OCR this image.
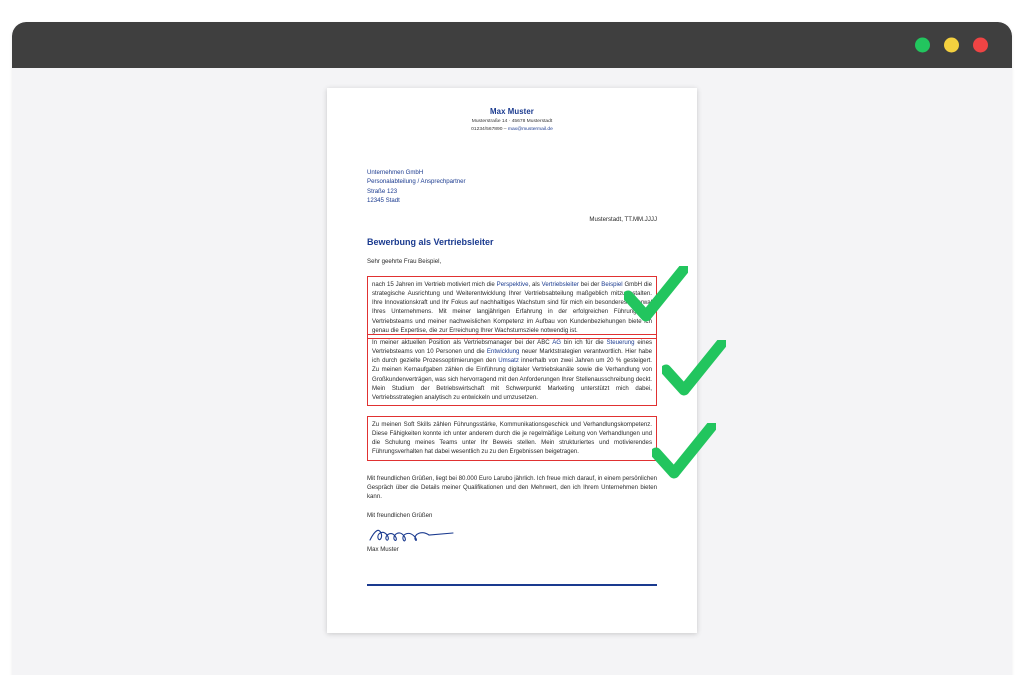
Max Muster
Musterstraße 14 · 45678 Musterstadt
01234/567890 – max@mustermail.de
Unternehmen GmbH
Personalabteilung / Ansprechpartner
Straße 123
12345 Stadt
Musterstadt, TT.MM.JJJJ
Bewerbung als Vertriebsleiter
Sehr geehrte Frau Beispiel,
nach 15 Jahren im Vertrieb motiviert mich die Perspektive, als Vertriebsleiter bei der Beispiel GmbH die strategische Ausrichtung und Weiterentwicklung Ihrer Vertriebsabteilung maßgeblich mitzugestalten. Ihre Innovationskraft und Ihr Fokus auf nachhaltiges Wachstum sind für mich ein besonderes Mehrwal Ihres Unternehmens. Mit meiner langjährigen Erfahrung in der erfolgreichen Führung von Vertriebsteams und meiner nachweislichen Kompetenz im Aufbau von Kundenbeziehungen biete ich genau die Expertise, die zur Erreichung Ihrer Wachstumsziele notwendig ist.
In meiner aktuellen Position als Vertriebsmanager bei der ABC AG bin ich für die Steuerung eines Vertriebsteams von 10 Personen und die Entwicklung neuer Marktstrategien verantwortlich. Hier habe ich durch gezielte Prozessoptimierungen den Umsatz innerhalb von zwei Jahren um 20 % gesteigert. Zu meinen Kernaufgaben zählen die Einführung digitaler Vertriebskanäle sowie die Verhandlung von Großkundenverträgen, was sich hervorragend mit den Anforderungen Ihrer Stellenausschreibung deckt. Mein Studium der Betriebswirtschaft mit Schwerpunkt Marketing unterstützt mich dabei, Vertriebsstrategien analytisch zu entwickeln und umzusetzen.
Zu meinen Soft Skills zählen Führungsstärke, Kommunikationsgeschick und Verhandlungskompetenz. Diese Fähigkeiten konnte ich unter anderem durch die je regelmäßige Leitung von Verhandlungen und die Schulung meines Teams unter Ihr Beweis stellen. Mein strukturiertes und motivierendes Führungsverhalten hat dabei wesentlich zu zu den Ergebnissen beigetragen.
Mit freundlichen Grüßen, liegt bei 80.000 Euro Larubo jährlich. Ich freue mich darauf, in einem persönlichen Gespräch über die Details meiner Qualifikationen und den Mehrwert, den ich Ihrem Unternehmen bieten kann.
Mit freundlichen Grüßen
Max Muster
